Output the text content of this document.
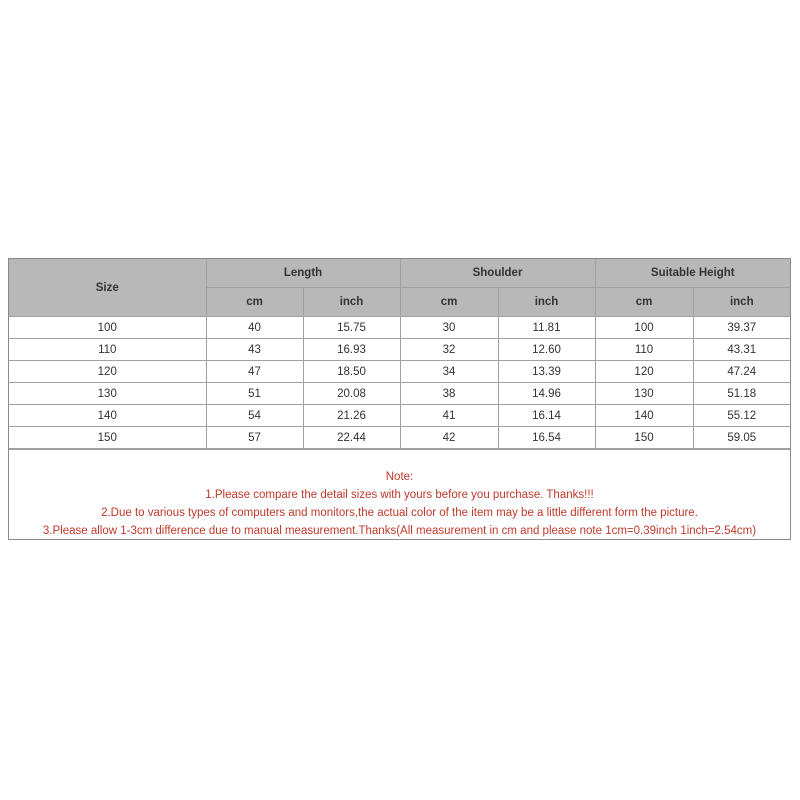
Size	Length		Shoulder		Suitable Height	
	cm	inch	cm	inch	cm	inch
100	40	15.75	30	11.81	100	39.37
110	43	16.93	32	12.60	110	43.31
120	47	18.50	34	13.39	120	47.24
130	51	20.08	38	14.96	130	51.18
140	54	21.26	41	16.14	140	55.12
150	57	22.44	42	16.54	150	59.05
Note:
1.Please compare the detail sizes with yours before you purchase. Thanks!!!
2.Due to various types of computers and monitors,the actual color of the item may be a little different form the picture.
3.Please allow 1-3cm difference due to manual measurement.Thanks(All measurement in cm and please note 1cm=0.39inch 1inch=2.54cm)
